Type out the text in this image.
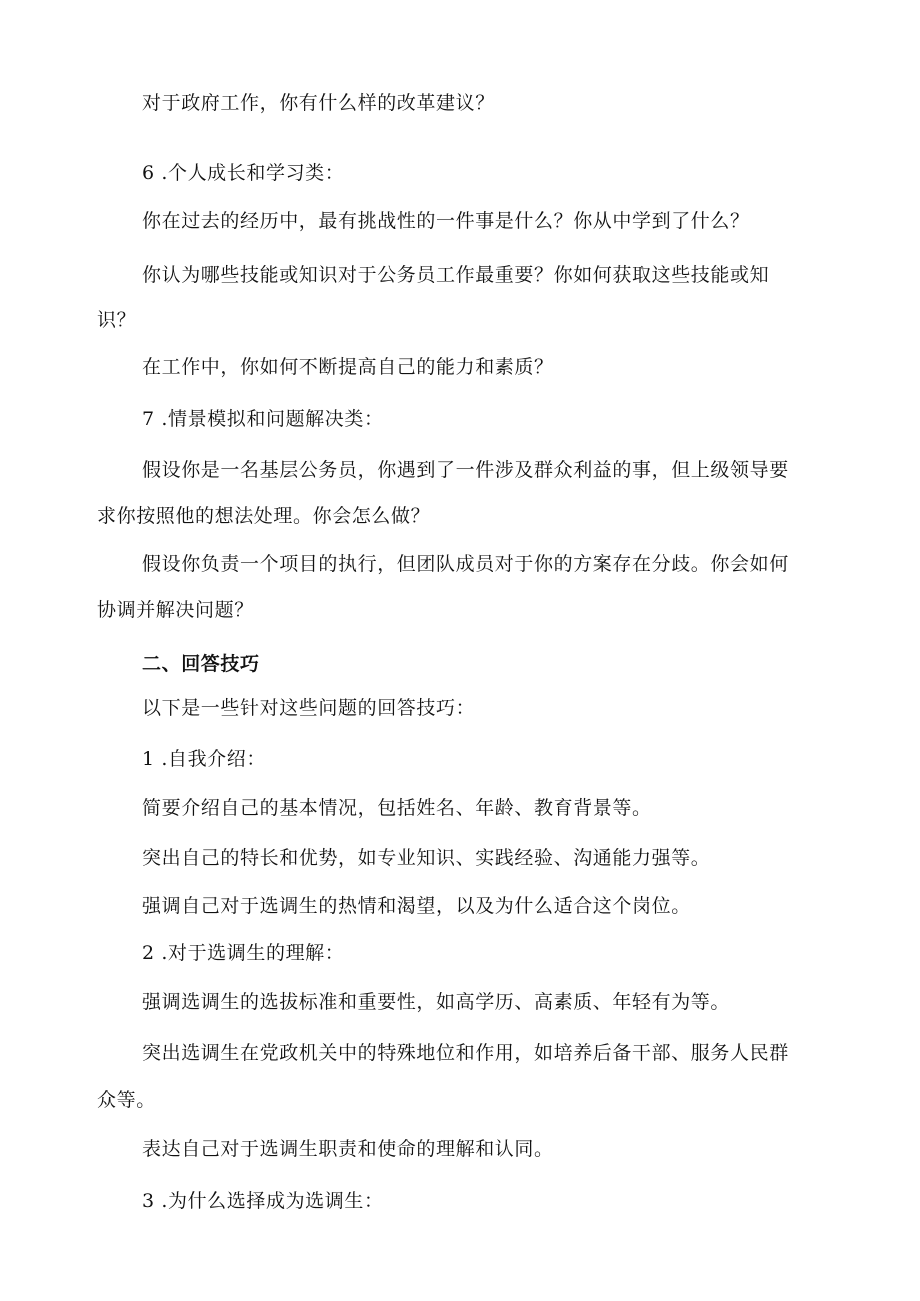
对于政府工作，你有什么样的改革建议？
6 .个人成长和学习类：
你在过去的经历中，最有挑战性的一件事是什么？你从中学到了什么？
你认为哪些技能或知识对于公务员工作最重要？你如何获取这些技能或知
识？
在工作中，你如何不断提高自己的能力和素质？
7 .情景模拟和问题解决类：
假设你是一名基层公务员，你遇到了一件涉及群众利益的事，但上级领导要
求你按照他的想法处理。你会怎么做？
假设你负责一个项目的执行，但团队成员对于你的方案存在分歧。你会如何
协调并解决问题？
二、回答技巧
以下是一些针对这些问题的回答技巧：
1 .自我介绍：
简要介绍自己的基本情况，包括姓名、年龄、教育背景等。
突出自己的特长和优势，如专业知识、实践经验、沟通能力强等。
强调自己对于选调生的热情和渴望，以及为什么适合这个岗位。
2 .对于选调生的理解：
强调选调生的选拔标准和重要性，如高学历、高素质、年轻有为等。
突出选调生在党政机关中的特殊地位和作用，如培养后备干部、服务人民群
众等。
表达自己对于选调生职责和使命的理解和认同。
3 .为什么选择成为选调生：
